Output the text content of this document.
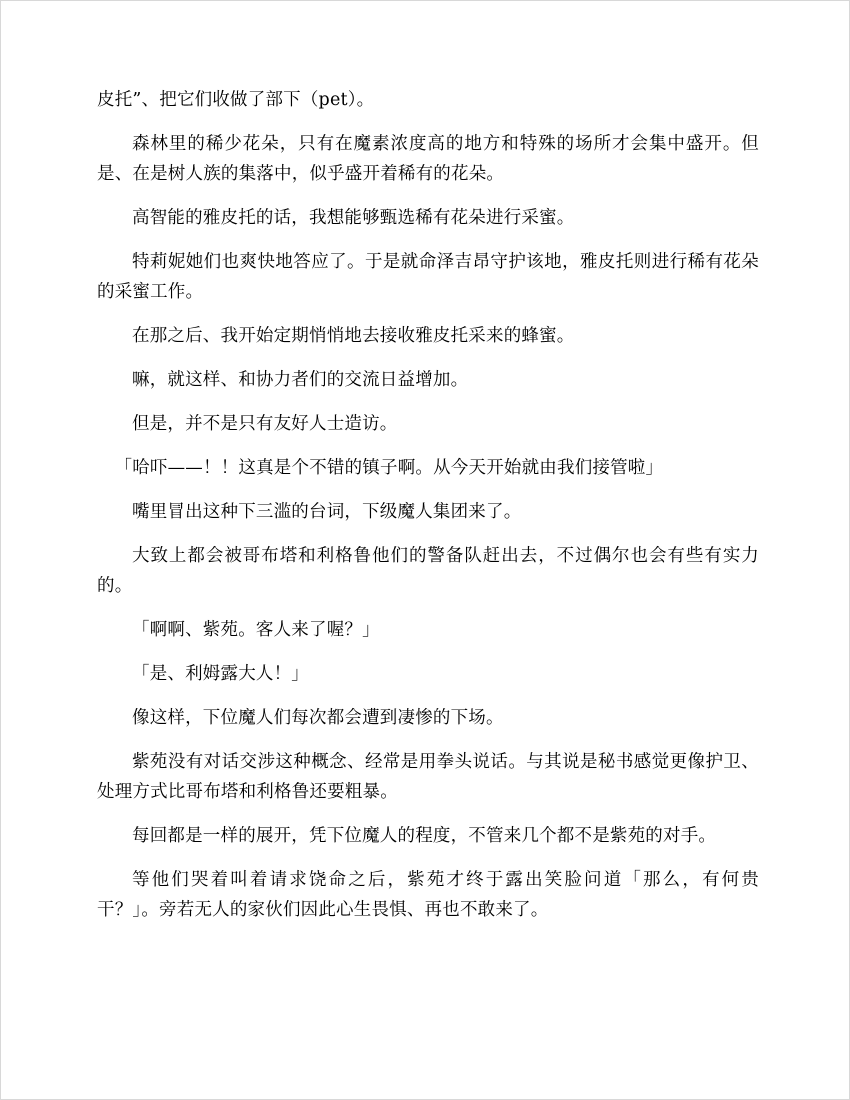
皮托”、把它们收做了部下（pet）。

森林里的稀少花朵，只有在魔素浓度高的地方和特殊的场所才会集中盛开。但是、在是树人族的集落中，似乎盛开着稀有的花朵。

高智能的雅皮托的话，我想能够甄选稀有花朵进行采蜜。

特莉妮她们也爽快地答应了。于是就命泽吉昂守护该地，雅皮托则进行稀有花朵的采蜜工作。

在那之后、我开始定期悄悄地去接收雅皮托采来的蜂蜜。

嘛，就这样、和协力者们的交流日益增加。

但是，并不是只有友好人士造访。

「哈吓——！！这真是个不错的镇子啊。从今天开始就由我们接管啦」

嘴里冒出这种下三滥的台词，下级魔人集团来了。

大致上都会被哥布塔和利格鲁他们的警备队赶出去，不过偶尔也会有些有实力的。

「啊啊、紫苑。客人来了喔？」

「是、利姆露大人！」

像这样，下位魔人们每次都会遭到凄惨的下场。

紫苑没有对话交涉这种概念、经常是用拳头说话。与其说是秘书感觉更像护卫、处理方式比哥布塔和利格鲁还要粗暴。

每回都是一样的展开，凭下位魔人的程度，不管来几个都不是紫苑的对手。

等他们哭着叫着请求饶命之后，紫苑才终于露出笑脸问道「那么，有何贵干？」。旁若无人的家伙们因此心生畏惧、再也不敢来了。
